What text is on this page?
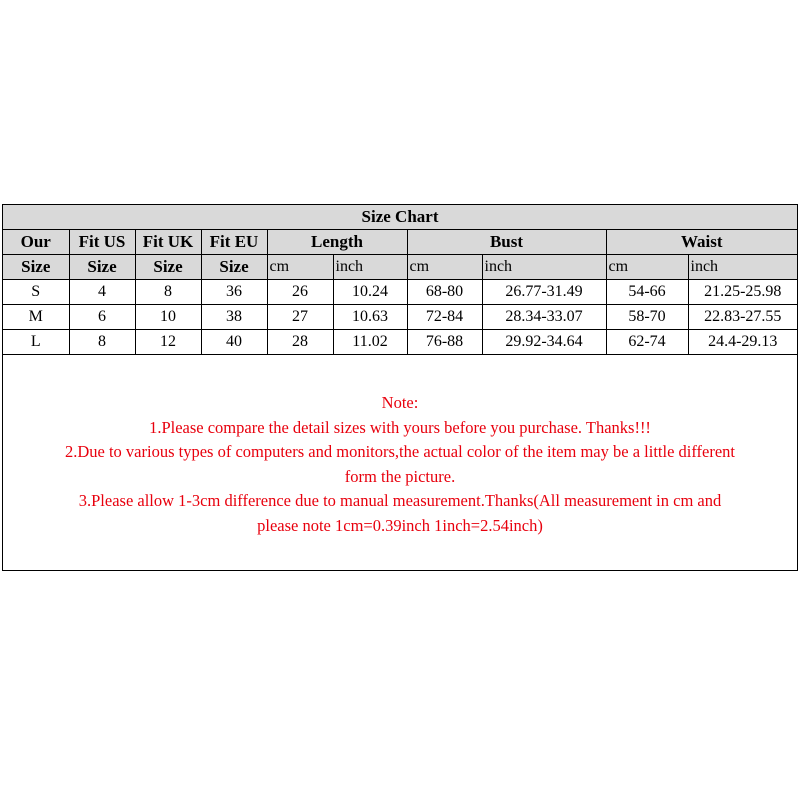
Size Chart									
Our	Fit US	Fit UK	Fit EU	Length		Bust		Waist	
Size	Size	Size	Size	cm	inch	cm	inch	cm	inch
S	4	8	36	26	10.24	68-80	26.77-31.49	54-66	21.25-25.98
M	6	10	38	27	10.63	72-84	28.34-33.07	58-70	22.83-27.55
L	8	12	40	28	11.02	76-88	29.92-34.64	62-74	24.4-29.13
Note:
1.Please compare the detail sizes with yours before you purchase. Thanks!!!
2.Due to various types of computers and monitors,the actual color of the item may be a little different
form the picture.
3.Please allow 1-3cm difference due to manual measurement.Thanks(All measurement in cm and
please note 1cm=0.39inch 1inch=2.54inch)
